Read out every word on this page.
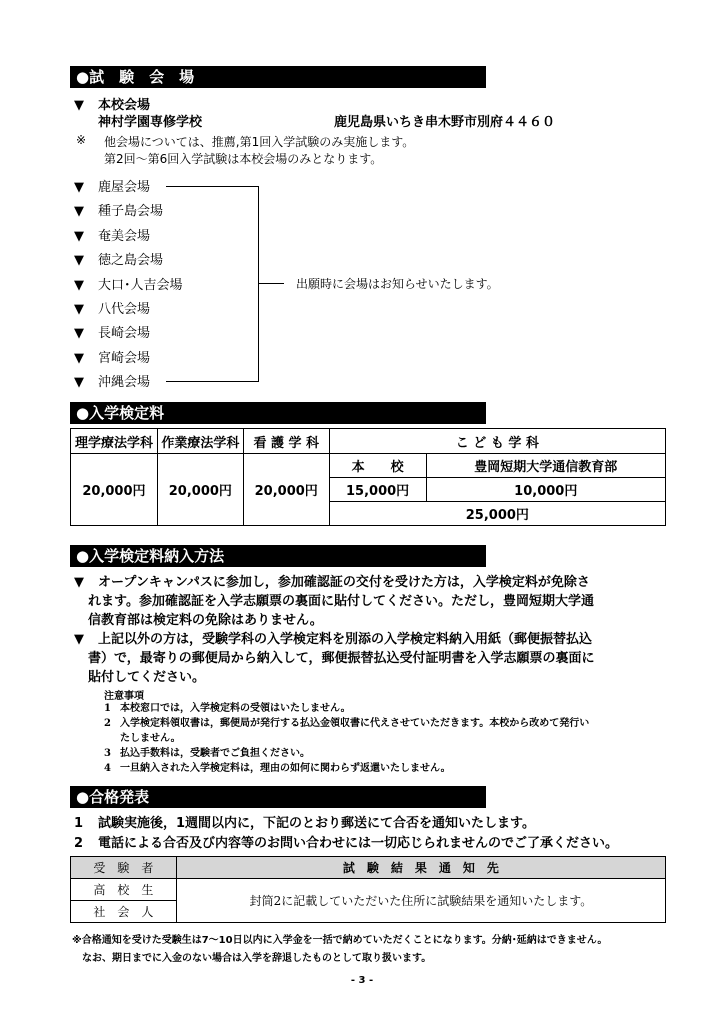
●試　験　会　場
▼ 本校会場
神村学園専修学校	鹿児島県いちき串木野市別府４４６０
※ 他会場については、推薦,第1回入学試験のみ実施します。
第2回〜第6回入学試験は本校会場のみとなります。
▼ 鹿屋会場
▼ 種子島会場
▼ 奄美会場
▼ 徳之島会場
▼ 大口･人吉会場
▼ 八代会場
▼ 長崎会場
▼ 宮崎会場
▼ 沖縄会場
出願時に会場はお知らせいたします。
●入学検定料
理学療法学科	作業療法学科	看 護 学 科	こ ど も 学 科	
20,000円	20,000円	20,000円	本　　校	豊岡短期大学通信教育部
			15,000円	10,000円
			25,000円	
●入学検定料納入方法
▼ オープンキャンパスに参加し，参加確認証の交付を受けた方は，入学検定料が免除さ
れます。参加確認証を入学志願票の裏面に貼付してください。ただし，豊岡短期大学通
信教育部は検定料の免除はありません。
▼ 上記以外の方は，受験学科の入学検定料を別添の入学検定料納入用紙（郵便振替払込
書）で，最寄りの郵便局から納入して，郵便振替払込受付証明書を入学志願票の裏面に
貼付してください。
注意事項
1 本校窓口では，入学検定料の受領はいたしません。
2 入学検定料領収書は，郵便局が発行する払込金領収書に代えさせていただきます。本校から改めて発行い
たしません。
3 払込手数料は，受験者でご負担ください。
4 一旦納入された入学検定料は，理由の如何に関わらず返還いたしません。
●合格発表
1 試験実施後，1週間以内に，下記のとおり郵送にて合否を通知いたします。
2 電話による合否及び内容等のお問い合わせには一切応じられませんのでご了承ください。
受　験　者	試　験　結　果　通　知　先
高　校　生	封筒2に記載していただいた住所に試験結果を通知いたします。
社　会　人	
※合格通知を受けた受験生は7〜10日以内に入学金を一括で納めていただくことになります。分納･延納はできません。
なお、期日までに入金のない場合は入学を辞退したものとして取り扱います。
- 3 -
